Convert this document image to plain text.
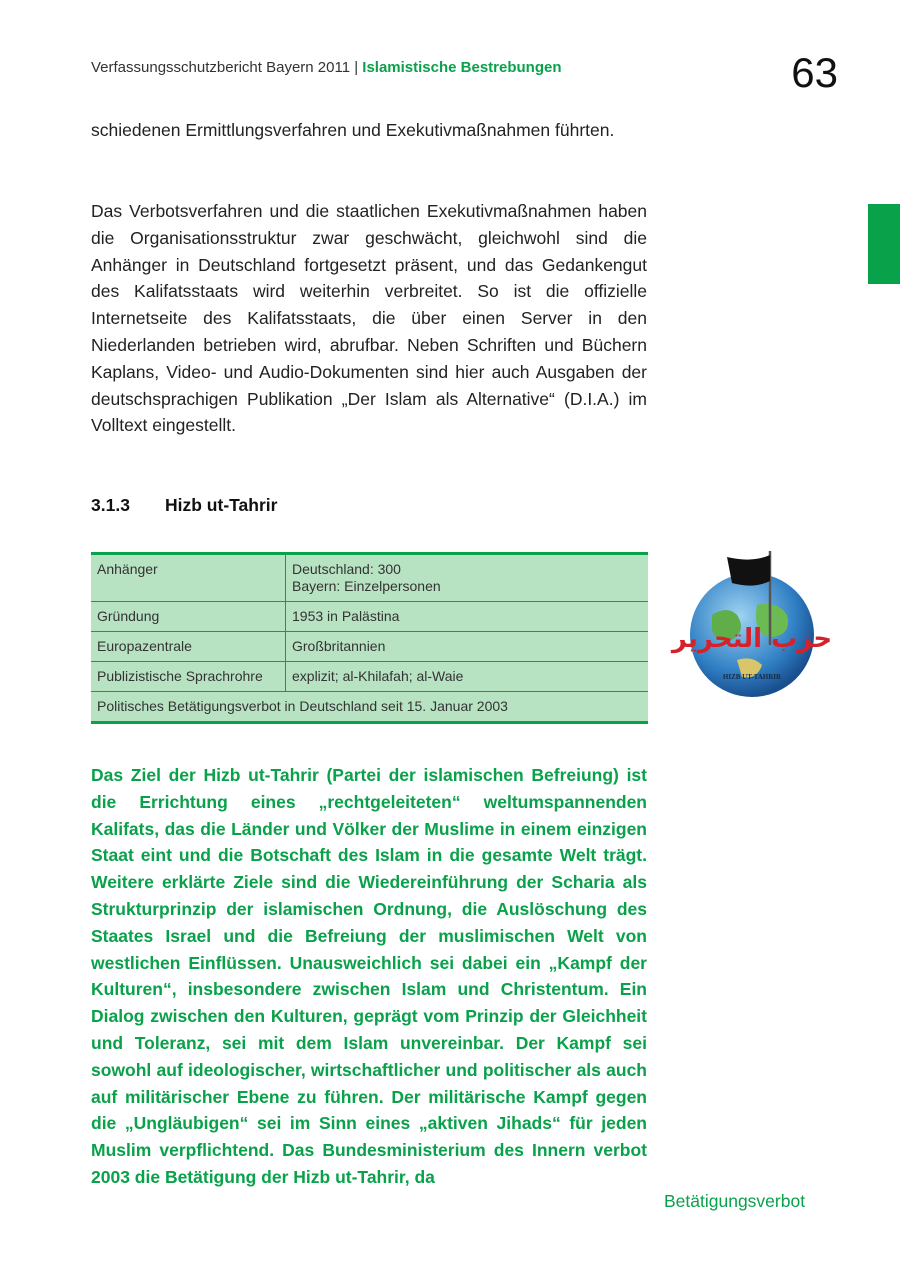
Verfassungsschutzbericht Bayern 2011 | Islamistische Bestrebungen	63

schiedenen Ermittlungsverfahren und Exekutivmaßnahmen führten.

Das Verbotsverfahren und die staatlichen Exekutivmaßnahmen haben die Organisationsstruktur zwar geschwächt, gleichwohl sind die Anhänger in Deutschland fortgesetzt präsent, und das Gedankengut des Kalifatsstaats wird weiterhin verbreitet. So ist die offizielle Internetseite des Kalifatsstaats, die über einen Server in den Niederlanden betrieben wird, abrufbar. Neben Schriften und Büchern Kaplans, Video- und Audio-Dokumenten sind hier auch Ausgaben der deutschsprachigen Publikation „Der Islam als Alternative“ (D.I.A.) im Volltext eingestellt.

3.1.3 Hizb ut-Tahrir
Anhänger	Deutschland: 300
Bayern: Einzelpersonen

Gründung	1953 in Palästina
Europazentrale	Großbritannien
Publizistische Sprachrohre	explizit; al-Khilafah; al-Waie
Politisches Betätigungsverbot in Deutschland seit 15. Januar 2003	
حزب التحرير
HIZB UT-TAHRIR

Das Ziel der Hizb ut-Tahrir (Partei der islamischen Befreiung) ist die Errichtung eines „rechtgeleiteten“ weltumspannenden Kalifats, das die Länder und Völker der Muslime in einem einzigen Staat eint und die Botschaft des Islam in die gesamte Welt trägt. Weitere erklärte Ziele sind die Wiedereinführung der Scharia als Strukturprinzip der islamischen Ordnung, die Auslöschung des Staates Israel und die Befreiung der muslimischen Welt von westlichen Einflüssen. Unausweichlich sei dabei ein „Kampf der Kulturen“, insbesondere zwischen Islam und Christentum. Ein Dialog zwischen den Kulturen, geprägt vom Prinzip der Gleichheit und Toleranz, sei mit dem Islam unvereinbar. Der Kampf sei sowohl auf ideologischer, wirtschaftlicher und politischer als auch auf militärischer Ebene zu führen. Der militärische Kampf gegen die „Ungläubigen“ sei im Sinn eines „aktiven Jihads“ für jeden Muslim verpflichtend. Das Bundesministerium des Innern verbot 2003 die Betätigung der Hizb ut-Tahrir, da

Betätigungsverbot
